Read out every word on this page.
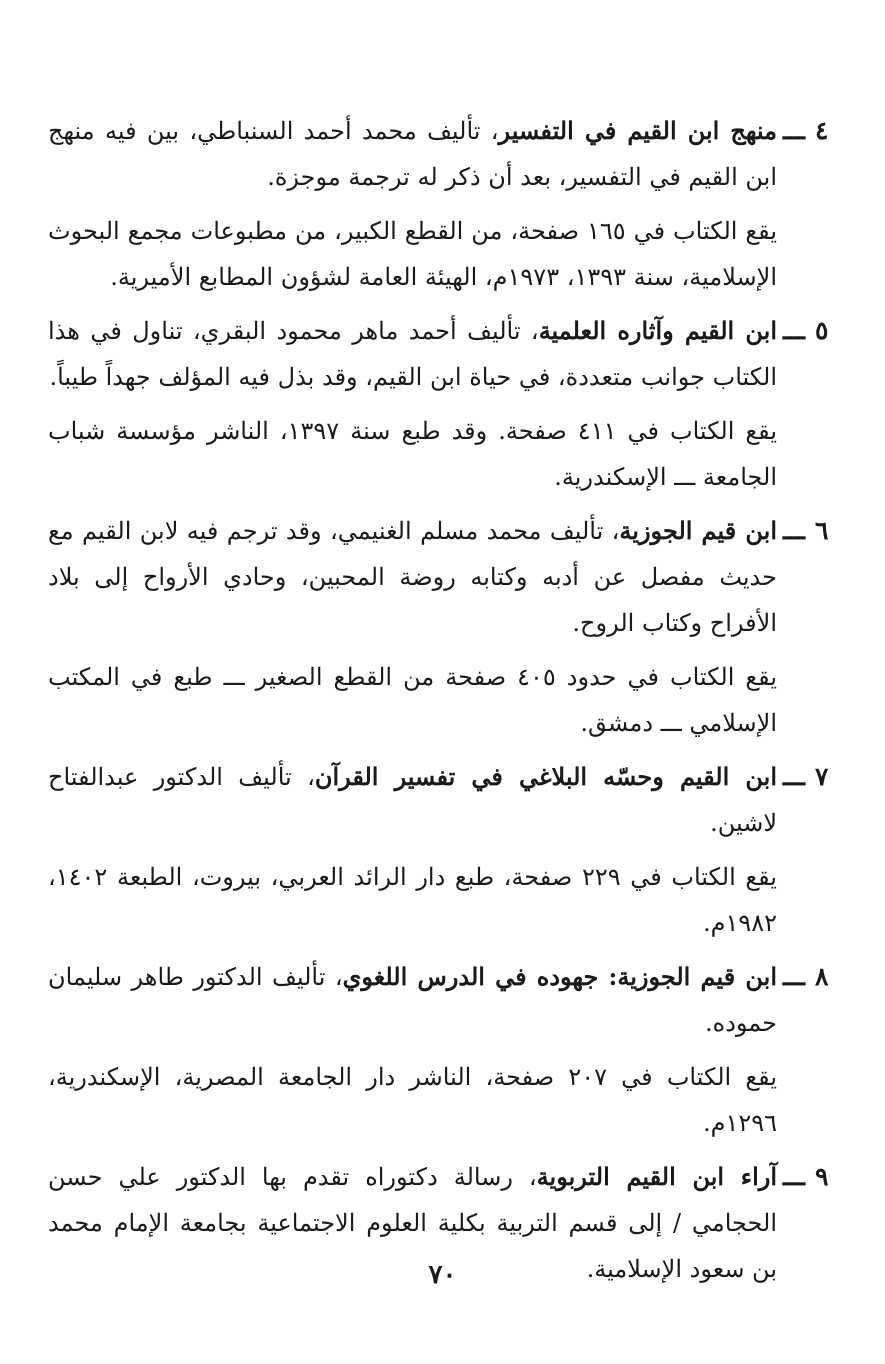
٤ـــ

منهج ابن القيم في التفسير، تأليف محمد أحمد السنباطي، بين فيه منهج ابن القيم في التفسير، بعد أن ذكر له ترجمة موجزة.

يقع الكتاب في ١٦٥ صفحة، من القطع الكبير، من مطبوعات مجمع البحوث الإسلامية، سنة ١٣٩٣، ١٩٧٣م، الهيئة العامة لشؤون المطابع الأميرية.

٥ـــ

ابن القيم وآثاره العلمية، تأليف أحمد ماهر محمود البقري، تناول في هذا الكتاب جوانب متعددة، في حياة ابن القيم، وقد بذل فيه المؤلف جهداً طيباً.

يقع الكتاب في ٤١١ صفحة. وقد طبع سنة ١٣٩٧، الناشر مؤسسة شباب الجامعة ـــ الإسكندرية.

٦ـــ

ابن قيم الجوزية، تأليف محمد مسلم الغنيمي، وقد ترجم فيه لابن القيم مع حديث مفصل عن أدبه وكتابه روضة المحبين، وحادي الأرواح إلى بلاد الأفراح وكتاب الروح.

يقع الكتاب في حدود ٤٠٥ صفحة من القطع الصغير ـــ طبع في المكتب الإسلامي ـــ دمشق.

٧ـــ

ابن القيم وحسّه البلاغي في تفسير القرآن، تأليف الدكتور عبدالفتاح لاشين.

يقع الكتاب في ٢٢٩ صفحة، طبع دار الرائد العربي، بيروت، الطبعة ١٤٠٢، ١٩٨٢م.

٨ـــ

ابن قيم الجوزية: جهوده في الدرس اللغوي، تأليف الدكتور طاهر سليمان حموده.

يقع الكتاب في ٢٠٧ صفحة، الناشر دار الجامعة المصرية، الإسكندرية، ١٢٩٦م.

٩ـــ

آراء ابن القيم التربوية، رسالة دكتوراه تقدم بها الدكتور علي حسن الحجامي / إلى قسم التربية بكلية العلوم الاجتماعية بجامعة الإمام محمد بن سعود الإسلامية.

٧٠
